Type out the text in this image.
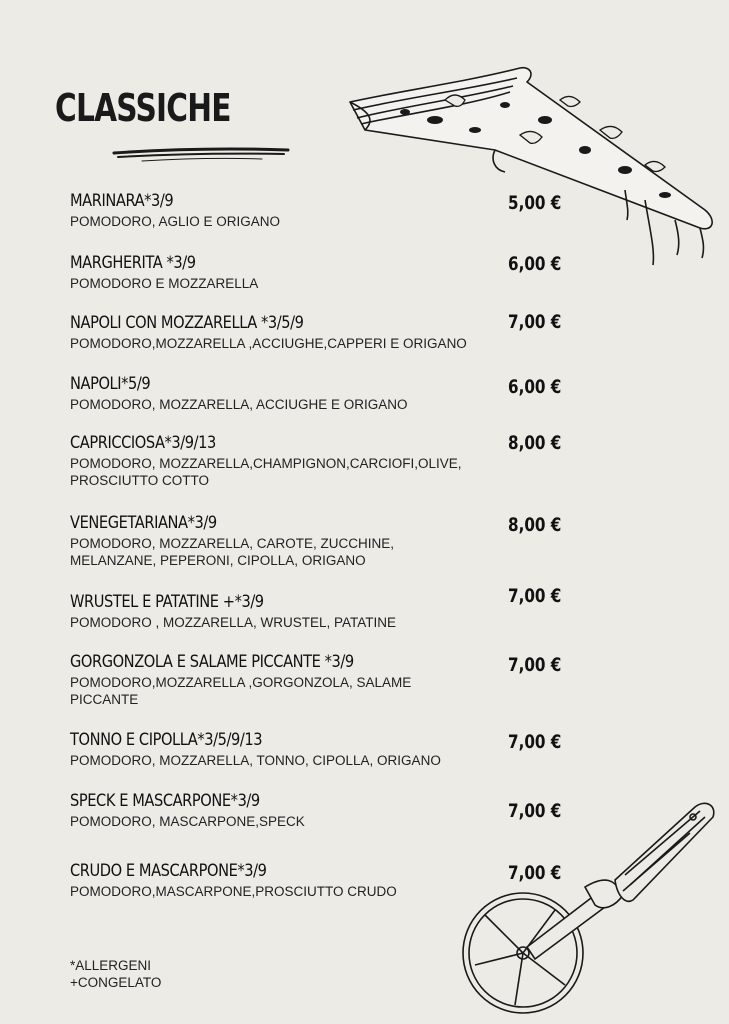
CLASSICHE
MARINARA*3/9
POMODORO, AGLIO E ORIGANO
5,00 €
MARGHERITA *3/9
POMODORO E MOZZARELLA
6,00 €
NAPOLI CON MOZZARELLA *3/5/9
POMODORO,MOZZARELLA ,ACCIUGHE,CAPPERI E ORIGANO
7,00 €
NAPOLI*5/9
POMODORO, MOZZARELLA, ACCIUGHE E ORIGANO
6,00 €
CAPRICCIOSA*3/9/13
POMODORO, MOZZARELLA,CHAMPIGNON,CARCIOFI,OLIVE, PROSCIUTTO COTTO
8,00 €
VENEGETARIANA*3/9
POMODORO, MOZZARELLA, CAROTE, ZUCCHINE, MELANZANE, PEPERONI, CIPOLLA, ORIGANO
8,00 €
WRUSTEL E PATATINE +*3/9
POMODORO , MOZZARELLA, WRUSTEL, PATATINE
7,00 €
GORGONZOLA E SALAME PICCANTE *3/9
POMODORO,MOZZARELLA ,GORGONZOLA, SALAME PICCANTE
7,00 €
TONNO E CIPOLLA*3/5/9/13
POMODORO, MOZZARELLA, TONNO, CIPOLLA, ORIGANO
7,00 €
SPECK E MASCARPONE*3/9
POMODORO, MASCARPONE,SPECK	7,00 €
CRUDO E MASCARPONE*3/9
POMODORO,MASCARPONE,PROSCIUTTO CRUDO
7,00 €
*ALLERGENI
+CONGELATO
